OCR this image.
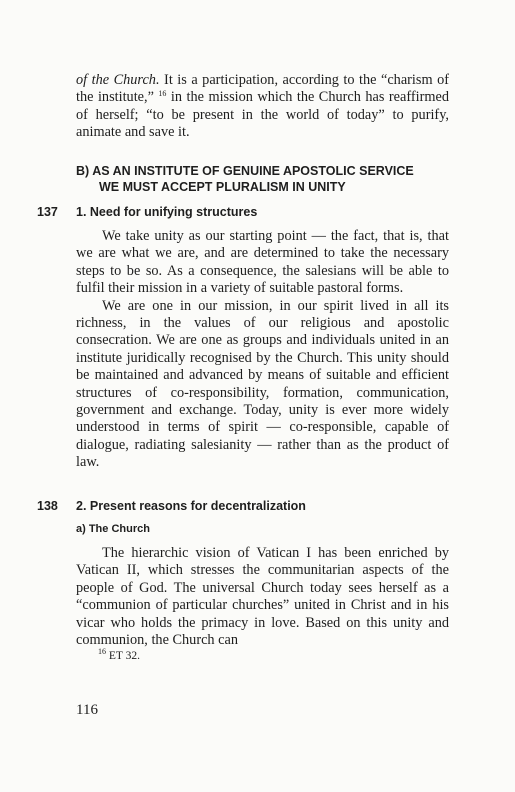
of the Church. It is a participation, according to the “charism of the institute,” $^{16}$ in the mission which the Church has reaffirmed of herself; “to be present in the world of today” to purify, animate and save it.

B) AS AN INSTITUTE OF GENUINE APOSTOLIC SERVICE
WE MUST ACCEPT PLURALISM IN UNITY
137 1. Need for unifying structures

We take unity as our starting point — the fact, that is, that we are what we are, and are determined to take the necessary steps to be so. As a consequence, the salesians will be able to fulfil their mission in a variety of suitable pastoral forms.

We are one in our mission, in our spirit lived in all its richness, in the values of our religious and apostolic consecration. We are one as groups and individuals united in an institute juridically recognised by the Church. This unity should be maintained and advanced by means of suitable and efficient structures of co-responsibility, formation, communication, government and exchange. Today, unity is ever more widely understood in terms of spirit — co-responsible, capable of dialogue, radiating salesianity — rather than as the product of law.

138 2. Present reasons for decentralization
a) The Church

The hierarchic vision of Vatican I has been enriched by Vatican II, which stresses the communitarian aspects of the people of God. The universal Church today sees herself as a “communion of particular churches” united in Christ and in his vicar who holds the primacy in love. Based on this unity and communion, the Church can

$^{16}$ ET 32.
116
